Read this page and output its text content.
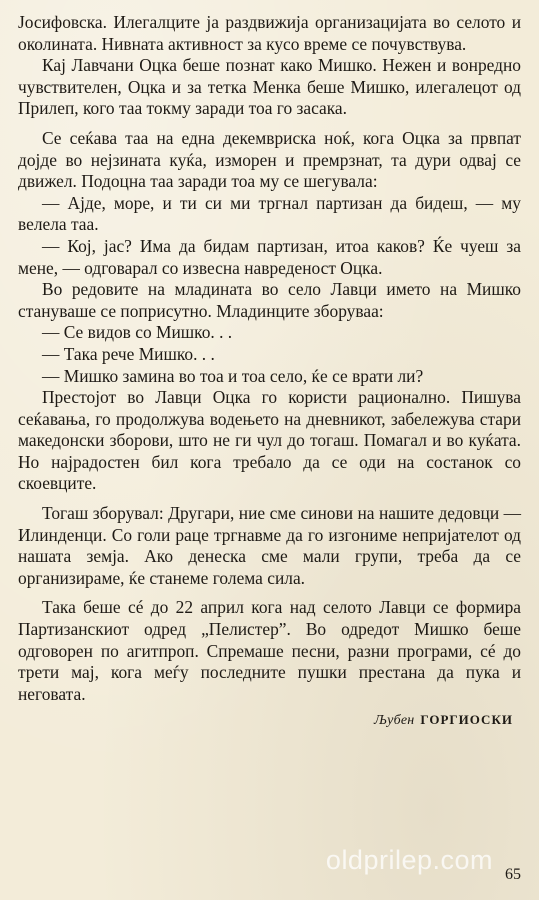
Јосифовска. Илегалците ја раздвижија организацијата во селото и околината. Нивната активност за кусо време се почувствува.

Кај Лавчани Оцка беше познат како Мишко. Нежен и вонредно чувствителен, Оцка и за тетка Менка беше Мишко, илегалецот од Прилеп, кого таа токму заради тоа го засака.

Се сеќава таа на една декемвриска ноќ, кога Оцка за првпат дојде во нејзината куќа, изморен и премрзнат, та дури одвај се движел. Подоцна таа заради тоа му се шегувала:

— Ајде, море, и ти си ми тргнал партизан да бидеш, — му велела таа.

— Кој, јас? Има да бидам партизан, итоа каков? Ќе чуеш за мене, — одговарал со извесна навреденост Оцка.

Во редовите на младината во село Лавци името на Мишко стануваше се поприсутно. Младинците зборуваа:

— Се видов со Мишко. . .

— Така рече Мишко. . .

— Мишко замина во тоа и тоа село, ќе се врати ли?

Престојот во Лавци Оцка го користи рационално. Пишува сеќавања, го продолжува водењето на дневникот, забележува стари македонски зборови, што не ги чул до тогаш. Помагал и во куќата. Но најрадостен бил кога требало да се оди на состанок со скоевците.

Тогаш зборувал: Другари, ние сме синови на нашите дедовци — Илинденци. Со голи раце тргнавме да го изгониме непријателот од нашата земја. Ако денеска сме мали групи, треба да се организираме, ќе станеме голема сила.

Така беше сé до 22 април кога над селото Лавци се формира Партизанскиот одред „Пелистер”. Во одредот Мишко беше одговорен по агитпроп. Спремаше песни, разни програми, сé до трети мај, кога меѓу последните пушки престана да пука и неговата.

Љубен ГОРГИОСКИ

oldprilep.com 65
